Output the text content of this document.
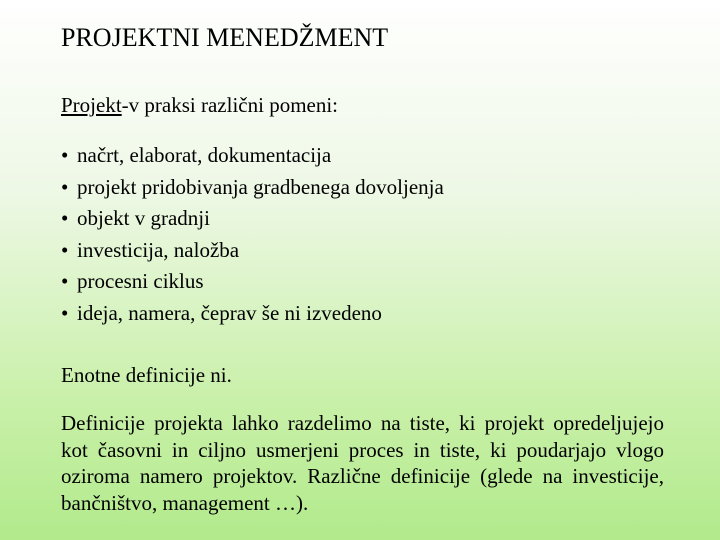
PROJEKTNI MENEDŽMENT
Projekt-v praksi različni pomeni:
• načrt, elaborat, dokumentacija
• projekt pridobivanja gradbenega dovoljenja
• objekt v gradnji
• investicija, naložba
• procesni ciklus
• ideja, namera, čeprav še ni izvedeno
Enotne definicije ni.

Definicije projekta lahko razdelimo na tiste, ki projekt opredeljujejo kot časovni in ciljno usmerjeni proces in tiste, ki poudarjajo vlogo oziroma namero projektov. Različne definicije (glede na investicije, bančništvo, management …).
